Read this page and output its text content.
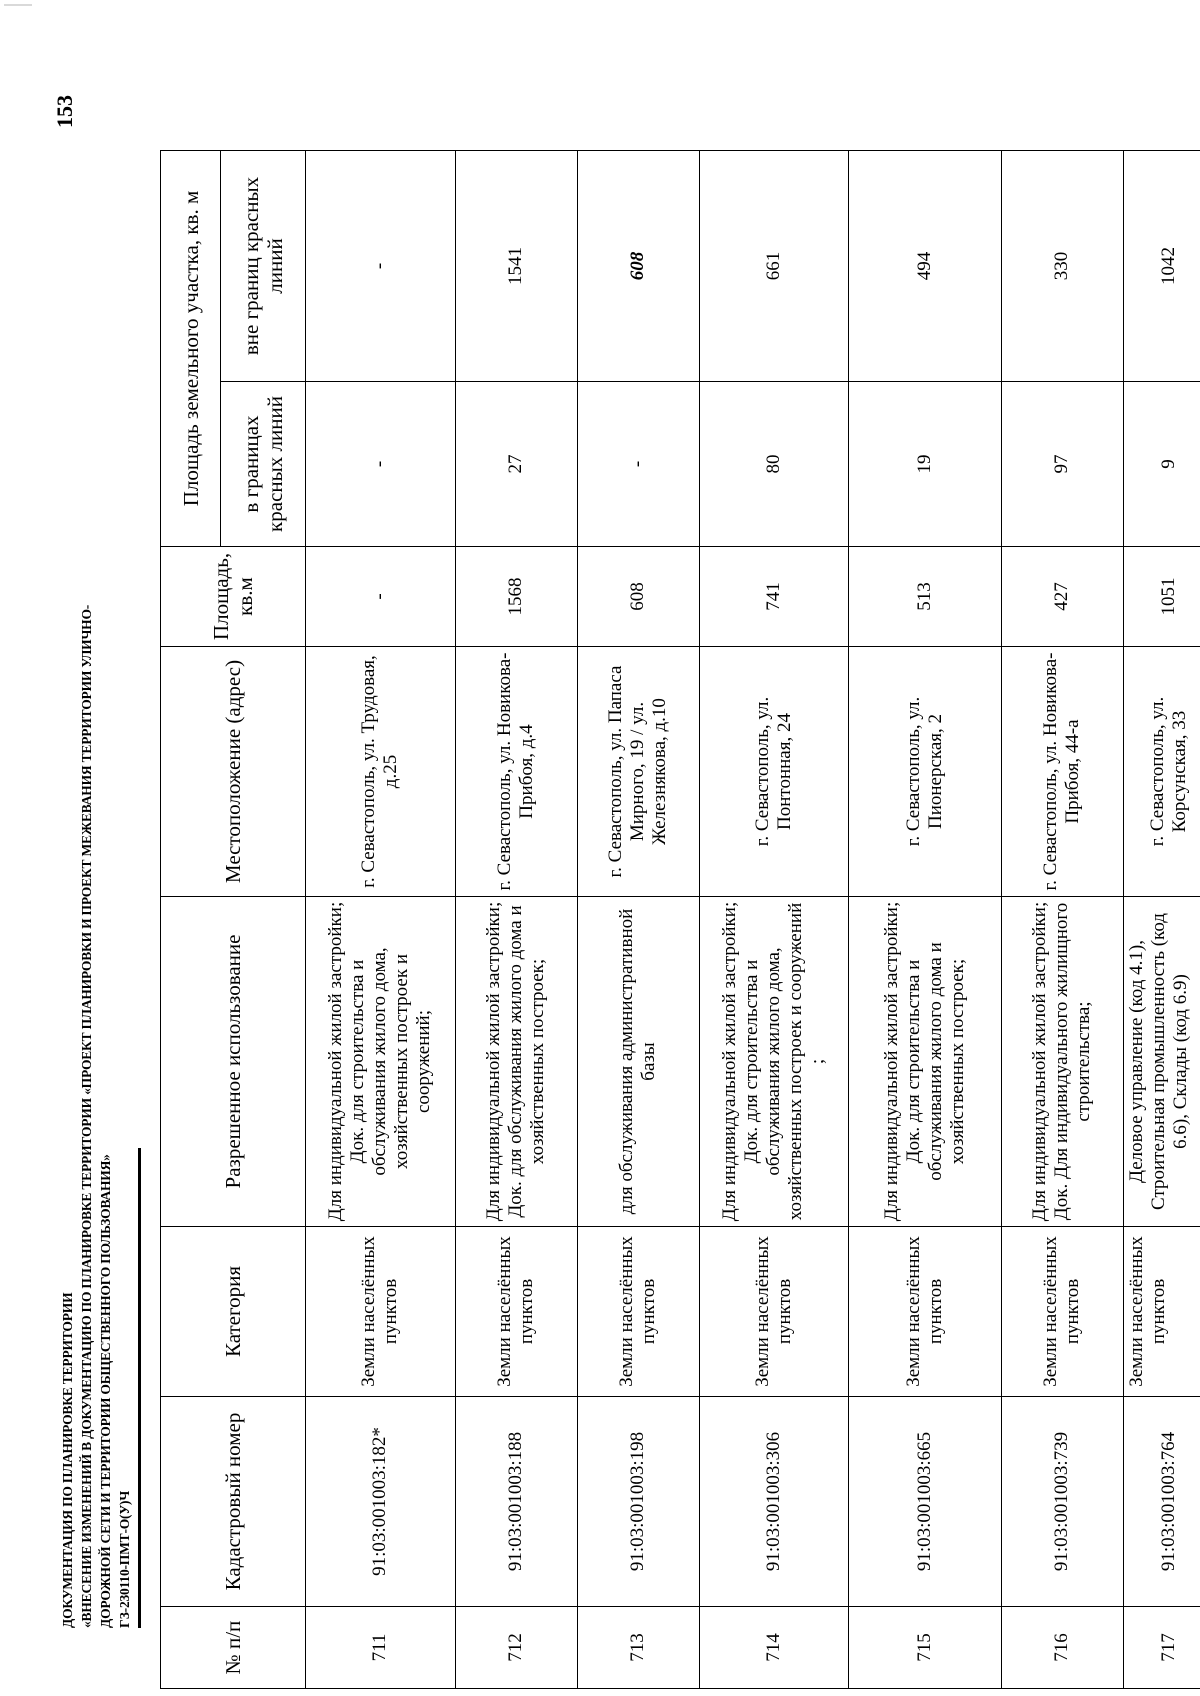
ДОКУМЕНТАЦИЯ ПО ПЛАНИРОВКЕ ТЕРРИТОРИИ «ВНЕСЕНИЕ ИЗМЕНЕНИЙ В ДОКУМЕНТАЦИЮ ПО ПЛАНИРОВКЕ ТЕРРИТОРИИ «ПРОЕКТ ПЛАНИРОВКИ И ПРОЕКТ МЕЖЕВАНИЯ ТЕРРИТОРИИ УЛИЧНО- ДОРОЖНОЙ СЕТИ И ТЕРРИТОРИИ ОБЩЕСТВЕННОГО ПОЛЬЗОВАНИЯ» ГЗ-230110-ПМТ-О(У)Ч
153
№ п/п	Кадастровый номер	Категория	Разрешенное использование	Местоположение (адрес)	Площадь, кв.м	Площадь земельного участка, кв. м	
						в границах красных линий	вне границ красных линий
711	91:03:001003:182*	Земли населённых пунктов	Для индивидуальной жилой застройки; Док. для строительства и обслуживания жилого дома, хозяйственных построек и сооружений;	г. Севастополь, ул. Трудовая, д.25	-	-	-
712	91:03:001003:188	Земли населённых пунктов	Для индивидуальной жилой застройки; Док. для обслуживания жилого дома и хозяйственных построек;	г. Севастополь, ул. Новикова-Прибоя, д.4	1568	27	1541
713	91:03:001003:198	Земли населённых пунктов	для обслуживания административной базы	г. Севастополь, ул. Папаса Мирного, 19 / ул. Железнякова, д.10	608	-	608
714	91:03:001003:306	Земли населённых пунктов	Для индивидуальной жилой застройки; Док. для строительства и обслуживания жилого дома, хозяйственных построек и сооружений ;	г. Севастополь, ул. Понтонная, 24	741	80	661
715	91:03:001003:665	Земли населённых пунктов	Для индивидуальной жилой застройки; Док. для строительства и обслуживания жилого дома и хозяйственных построек;	г. Севастополь, ул. Пионерская, 2	513	19	494
716	91:03:001003:739	Земли населённых пунктов	Для индивидуальной жилой застройки; Док. Для индивидуального жилищного строительства;	г. Севастополь, ул. Новикова-Прибоя, 44-а	427	97	330
717	91:03:001003:764	Земли населённых пунктов	Деловое управление (код 4.1), Строительная промышленность (код 6.6), Склады (код 6.9)	г. Севастополь, ул. Корсунская, 33	1051	9	1042
